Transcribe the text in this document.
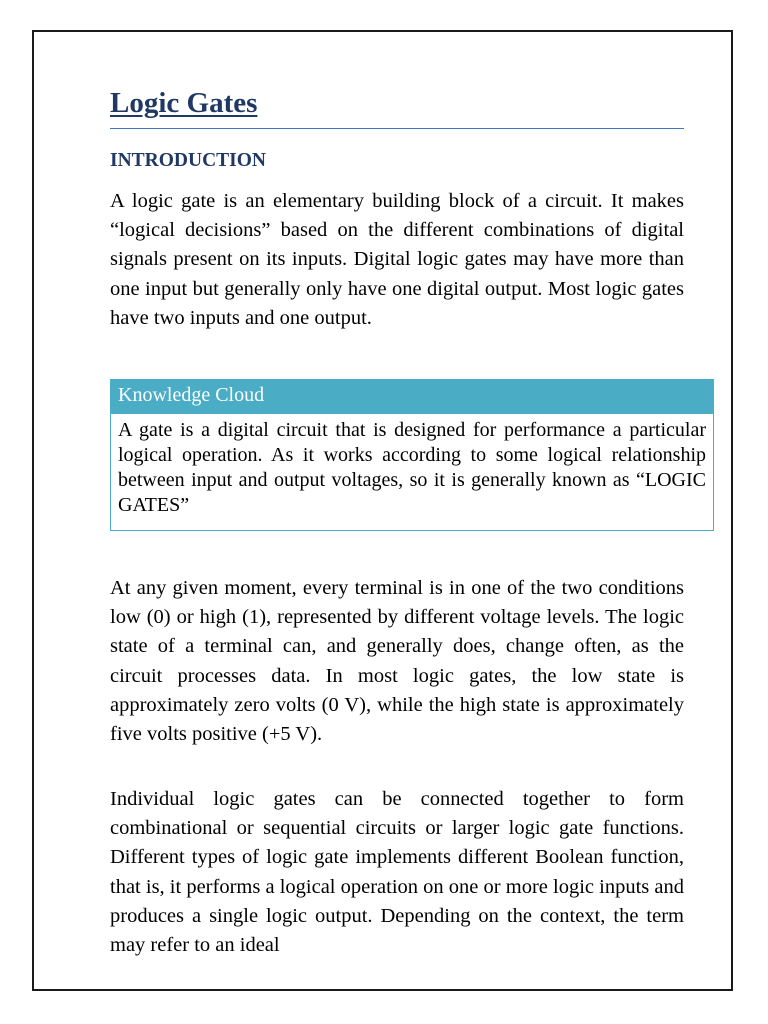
Logic Gates
INTRODUCTION

A logic gate is an elementary building block of a circuit. It makes “logical decisions” based on the different combinations of digital signals present on its inputs. Digital logic gates may have more than one input but generally only have one digital output. Most logic gates have two inputs and one output.

Knowledge Cloud

A gate is a digital circuit that is designed for performance a particular logical operation. As it works according to some logical relationship between input and output voltages, so it is generally known as “LOGIC GATES”

At any given moment, every terminal is in one of the two conditions low (0) or high (1), represented by different voltage levels. The logic state of a terminal can, and generally does, change often, as the circuit processes data. In most logic gates, the low state is approximately zero volts (0 V), while the high state is approximately five volts positive (+5 V).

Individual logic gates can be connected together to form combinational or sequential circuits or larger logic gate functions. Different types of logic gate implements different Boolean function, that is, it performs a logical operation on one or more logic inputs and produces a single logic output. Depending on the context, the term may refer to an ideal
